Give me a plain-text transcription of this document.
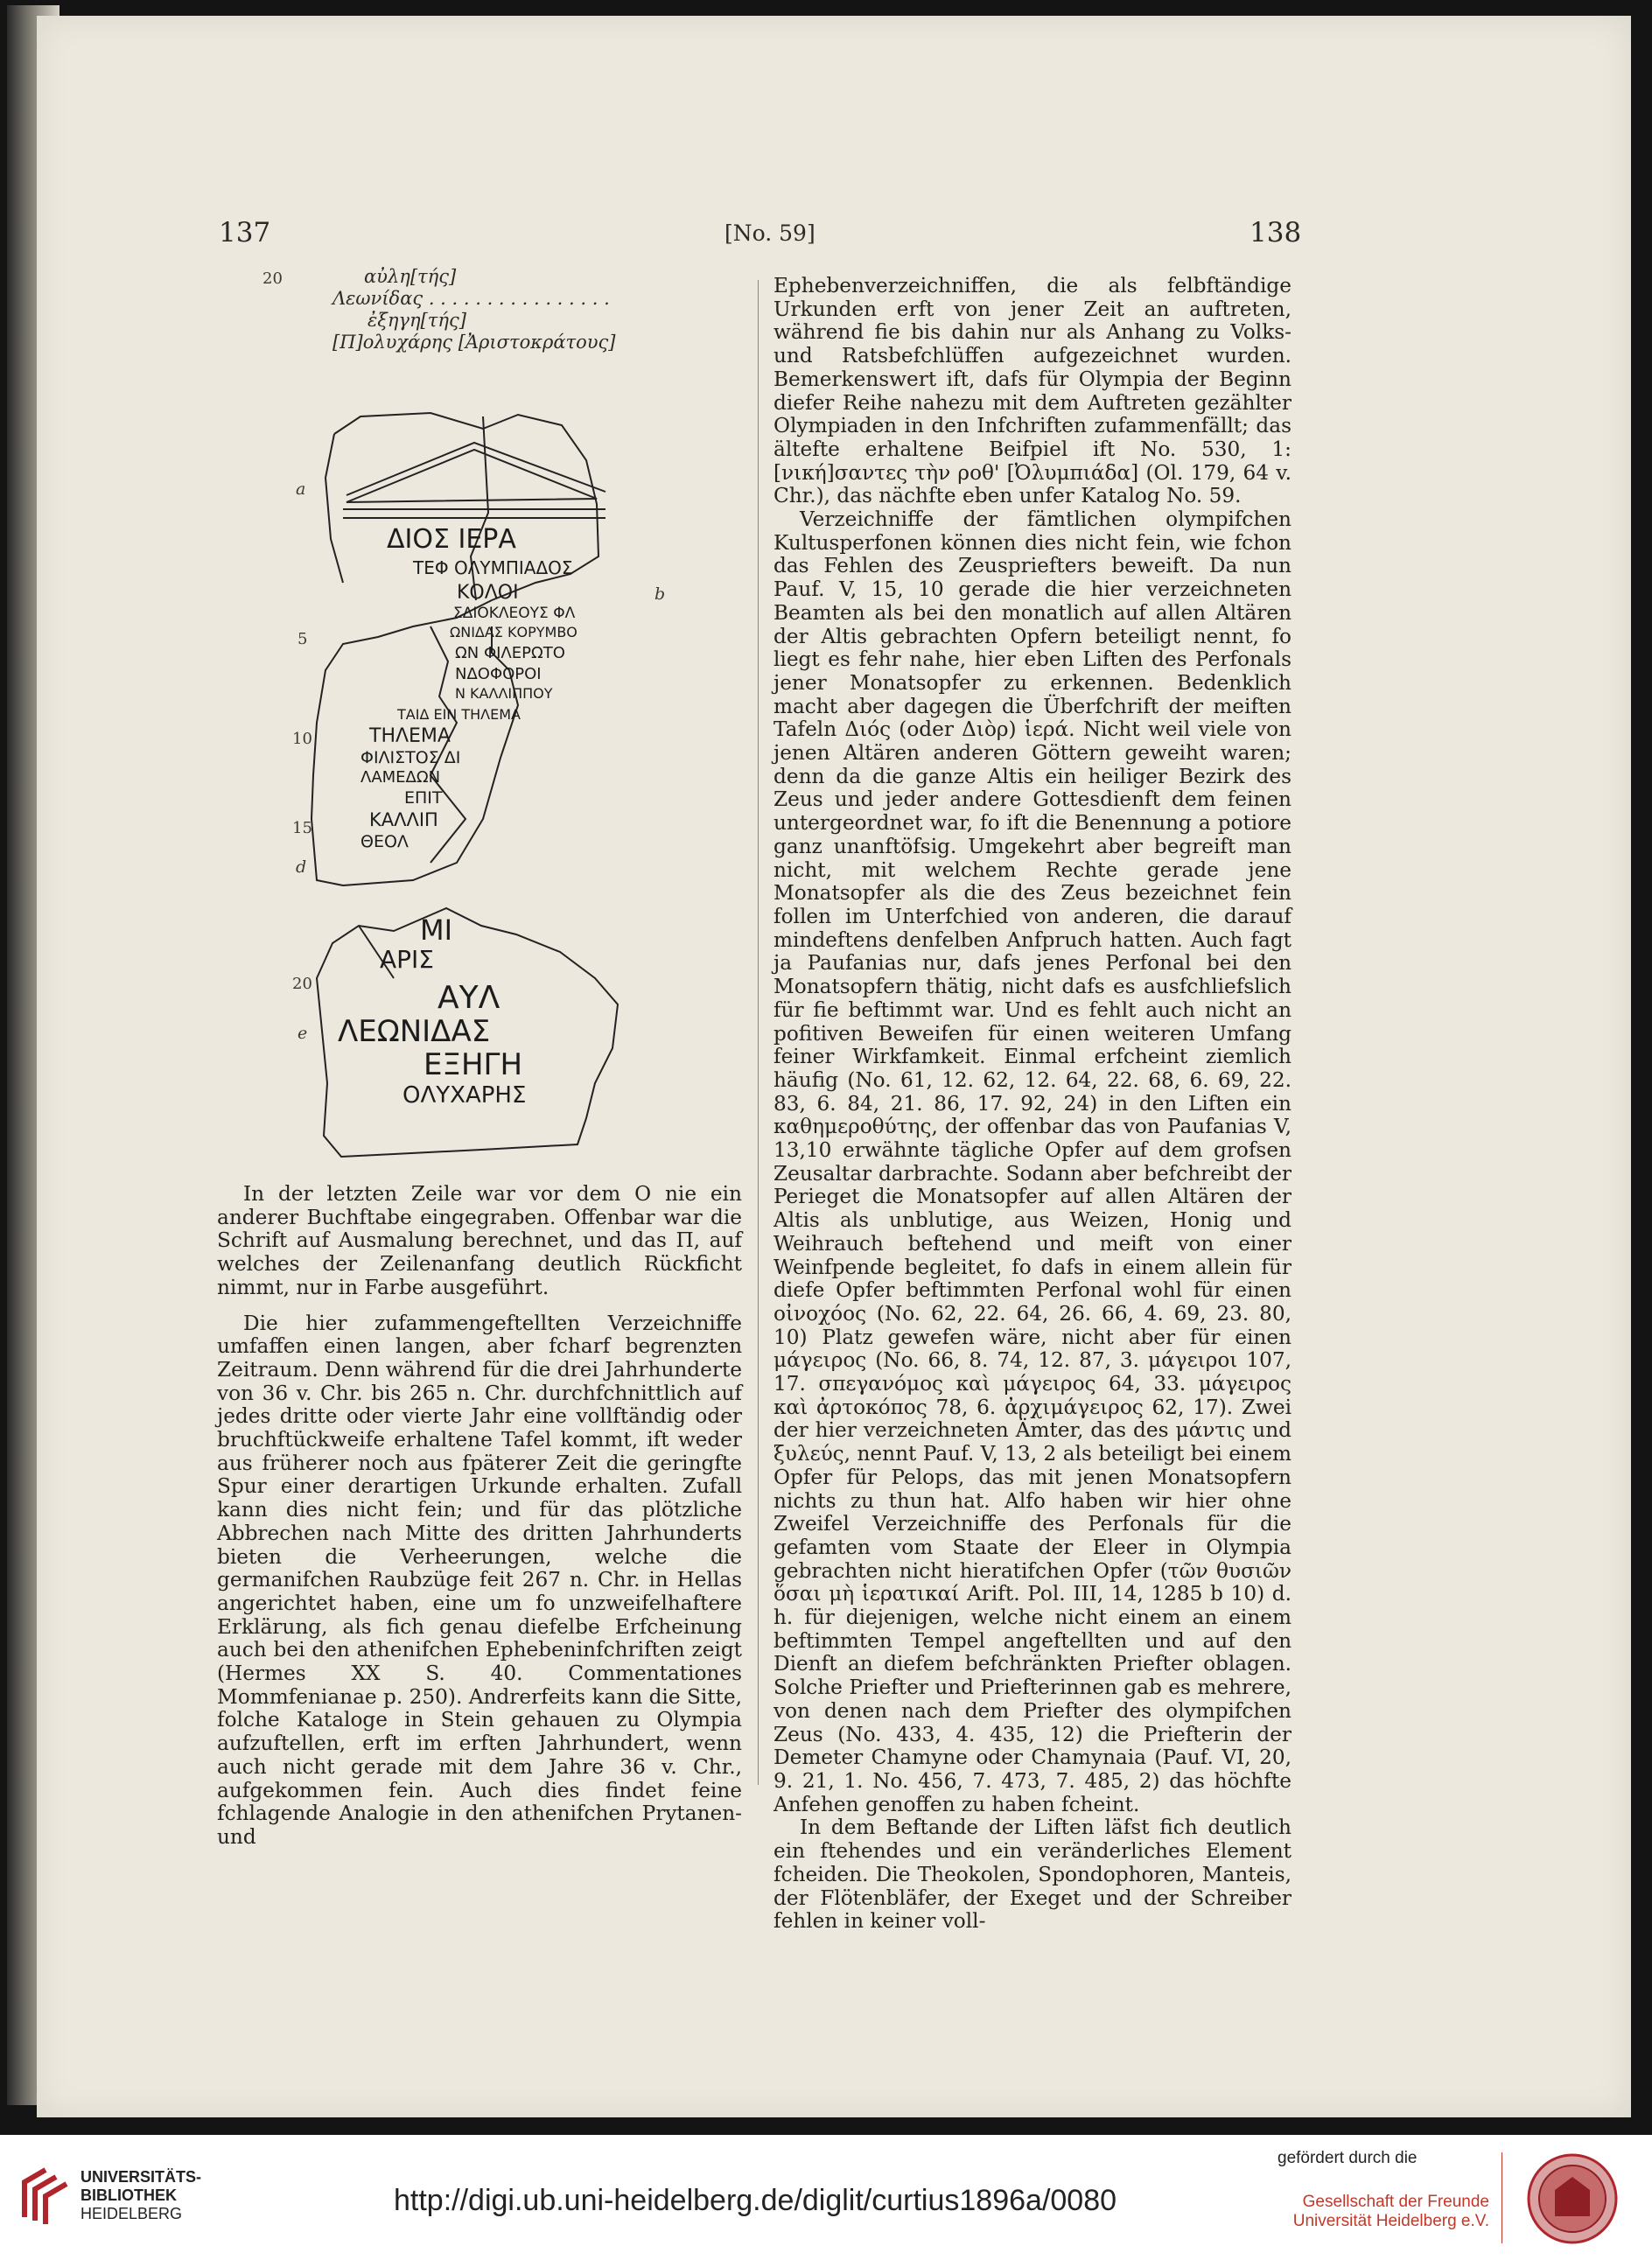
137	[No. 59]	138
20	αὐλη[τής]
Λεωνίδας . . . . . . . . . . . . . . . .
ἐξηγη[τής]
[Π]ολυχάρης [Ἀριστοκράτους]
a
b
5
10
15
d
20
e
ΔΙΟΣ ΙΕΡΑ
ΤΕΦ ΟΛΥΜΠΙΑΔΟΣ
ΚΟΛΟΙ
ΣΔΙΟΚΛΕΟΥΣ ΦΛ
ΩΝΙΔΑΣ ΚΟΡΥΜΒΟ
ΩΝ ΦΙΛΕΡΩΤΟ
ΝΔΟΦΟΡΟΙ
Ν ΚΑΛΛΙΠΠΟΥ
ΤΑΙΔ ΕΙΝ ΤΗΛΕΜΑ
ΤΗΛΕΜΑ
ΦΙΛΙΣΤΟΣ ΔΙ
ΛΑΜΕΔΩΝ
ΕΠΙΤ
ΚΑΛΛΙΠ
ΘΕΟΛ
ΜΙ
ΑΡΙΣ
ΑΥΛ
ΛΕΩΝΙΔΑΣ
ΕΞΗΓΗ
ΟΛΥΧΑΡΗΣ

In der letzten Zeile war vor dem O nie ein anderer Buchftabe eingegraben. Offenbar war die Schrift auf Ausmalung berechnet, und das Π, auf welches der Zeilenanfang deutlich Rückficht nimmt, nur in Farbe ausgeführt.

Die hier zufammengeftellten Verzeichniffe umfaffen einen langen, aber fcharf begrenzten Zeitraum. Denn während für die drei Jahrhunderte von 36 v. Chr. bis 265 n. Chr. durchfchnittlich auf jedes dritte oder vierte Jahr eine vollftändig oder bruchftückweife erhaltene Tafel kommt, ift weder aus früherer noch aus fpäterer Zeit die geringfte Spur einer derartigen Urkunde erhalten. Zufall kann dies nicht fein; und für das plötzliche Abbrechen nach Mitte des dritten Jahrhunderts bieten die Verheerungen, welche die germanifchen Raubzüge feit 267 n. Chr. in Hellas angerichtet haben, eine um fo unzweifelhaftere Erklärung, als fich genau diefelbe Erfcheinung auch bei den athenifchen Ephebeninfchriften zeigt (Hermes XX S. 40. Commentationes Mommfenianae p. 250). Andrerfeits kann die Sitte, folche Kataloge in Stein gehauen zu Olympia aufzuftellen, erft im erften Jahrhundert, wenn auch nicht gerade mit dem Jahre 36 v. Chr., aufgekommen fein. Auch dies findet feine fchlagende Analogie in den athenifchen Prytanen- und

Ephebenverzeichniffen, die als felbftändige Urkunden erft von jener Zeit an auftreten, während fie bis dahin nur als Anhang zu Volks- und Ratsbefchlüffen aufgezeichnet wurden. Bemerkenswert ift, dafs für Olympia der Beginn diefer Reihe nahezu mit dem Auftreten gezählter Olympiaden in den Infchriften zufammenfällt; das ältefte erhaltene Beifpiel ift No. 530, 1: [νική]σαντες τὴν ροθ' [Ὀλυμπιάδα] (Ol. 179, 64 v. Chr.), das nächfte eben unfer Katalog No. 59.

Verzeichniffe der fämtlichen olympifchen Kultusperfonen können dies nicht fein, wie fchon das Fehlen des Zeuspriefters beweift. Da nun Pauf. V, 15, 10 gerade die hier verzeichneten Beamten als bei den monatlich auf allen Altären der Altis gebrachten Opfern beteiligt nennt, fo liegt es fehr nahe, hier eben Liften des Perfonals jener Monatsopfer zu erkennen. Bedenklich macht aber dagegen die Überfchrift der meiften Tafeln Διός (oder Διὸρ) ἱερά. Nicht weil viele von jenen Altären anderen Göttern geweiht waren; denn da die ganze Altis ein heiliger Bezirk des Zeus und jeder andere Gottesdienft dem feinen untergeordnet war, fo ift die Benennung a potiore ganz unanftöfsig. Umgekehrt aber begreift man nicht, mit welchem Rechte gerade jene Monatsopfer als die des Zeus bezeichnet fein follen im Unterfchied von anderen, die darauf mindeftens denfelben Anfpruch hatten. Auch fagt ja Paufanias nur, dafs jenes Perfonal bei den Monatsopfern thätig, nicht dafs es ausfchliefslich für fie beftimmt war. Und es fehlt auch nicht an pofitiven Beweifen für einen weiteren Umfang feiner Wirkfamkeit. Einmal erfcheint ziemlich häufig (No. 61, 12. 62, 12. 64, 22. 68, 6. 69, 22. 83, 6. 84, 21. 86, 17. 92, 24) in den Liften ein καθημεροθύτης, der offenbar das von Paufanias V, 13,10 erwähnte tägliche Opfer auf dem grofsen Zeusaltar darbrachte. Sodann aber befchreibt der Perieget die Monatsopfer auf allen Altären der Altis als unblutige, aus Weizen, Honig und Weihrauch beftehend und meift von einer Weinfpende begleitet, fo dafs in einem allein für diefe Opfer beftimmten Perfonal wohl für einen οἰνοχόος (No. 62, 22. 64, 26. 66, 4. 69, 23. 80, 10) Platz gewefen wäre, nicht aber für einen μάγειρος (No. 66, 8. 74, 12. 87, 3. μάγειροι 107, 17. σπεγανόμος καὶ μάγειρος 64, 33. μάγειρος καὶ ἀρτοκόπος 78, 6. ἀρχιμάγειρος 62, 17). Zwei der hier verzeichneten Ämter, das des μάντις und ξυλεύς, nennt Pauf. V, 13, 2 als beteiligt bei einem Opfer für Pelops, das mit jenen Monatsopfern nichts zu thun hat. Alfo haben wir hier ohne Zweifel Verzeichniffe des Perfonals für die gefamten vom Staate der Eleer in Olympia gebrachten nicht hieratifchen Opfer (τῶν θυσιῶν ὅσαι μὴ ἱερατικαί Arift. Pol. III, 14, 1285 b 10) d. h. für diejenigen, welche nicht einem an einem beftimmten Tempel angeftellten und auf den Dienft an diefem befchränkten Priefter oblagen. Solche Priefter und Priefterinnen gab es mehrere, von denen nach dem Priefter des olympifchen Zeus (No. 433, 4. 435, 12) die Priefterin der Demeter Chamyne oder Chamynaia (Pauf. VI, 20, 9. 21, 1. No. 456, 7. 473, 7. 485, 2) das höchfte Anfehen genoffen zu haben fcheint.

In dem Beftande der Liften läfst fich deutlich ein ftehendes und ein veränderliches Element fcheiden. Die Theokolen, Spondophoren, Manteis, der Flötenbläfer, der Exeget und der Schreiber fehlen in keiner voll-

UNIVERSITÄTS-
BIBLIOTHEK
HEIDELBERG	http://digi.ub.uni-heidelberg.de/diglit/curtius1896a/0080
gefördert durch die
Gesellschaft der Freunde
Universität Heidelberg e.V.
